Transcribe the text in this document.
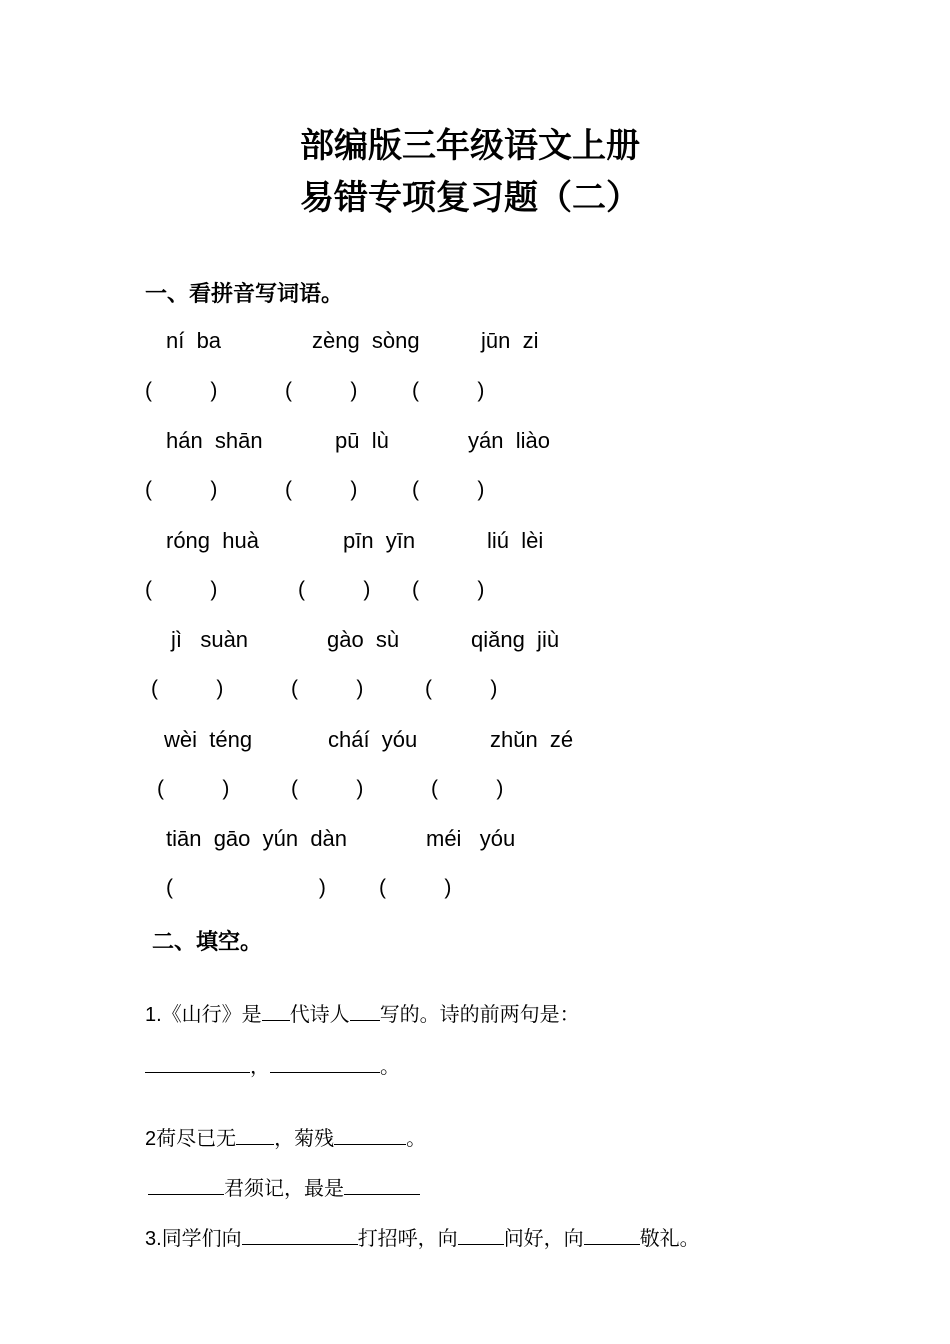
部编版三年级语文上册
易错专项复习题（二）
一、看拼音写词语。
ní  ba	zèng  sòng	jūn  zi
(          )	(          )	(          )
hán  shān	pū  lù	yán  liào
(          )	(          )	(          )
róng  huà	pīn  yīn	liú  lèi
(          )	(          ) (          )
jì   suàn	gào  sù	qiǎng  jiù
(          )	(          )	(          )
wèi  téng	cháí  yóu	zhǔn  zé
(          )	(          )	(          )
tiān  gāo  yún  dàn	méi   yóu
(                         )	(          )
二、填空。

1.《山行》是 代诗人 写的。诗的前两句是：

，	。

2荷尽已无 ，菊残	。

君须记，最是

3.同学们向	打招呼，向 问好，向	敬礼。
